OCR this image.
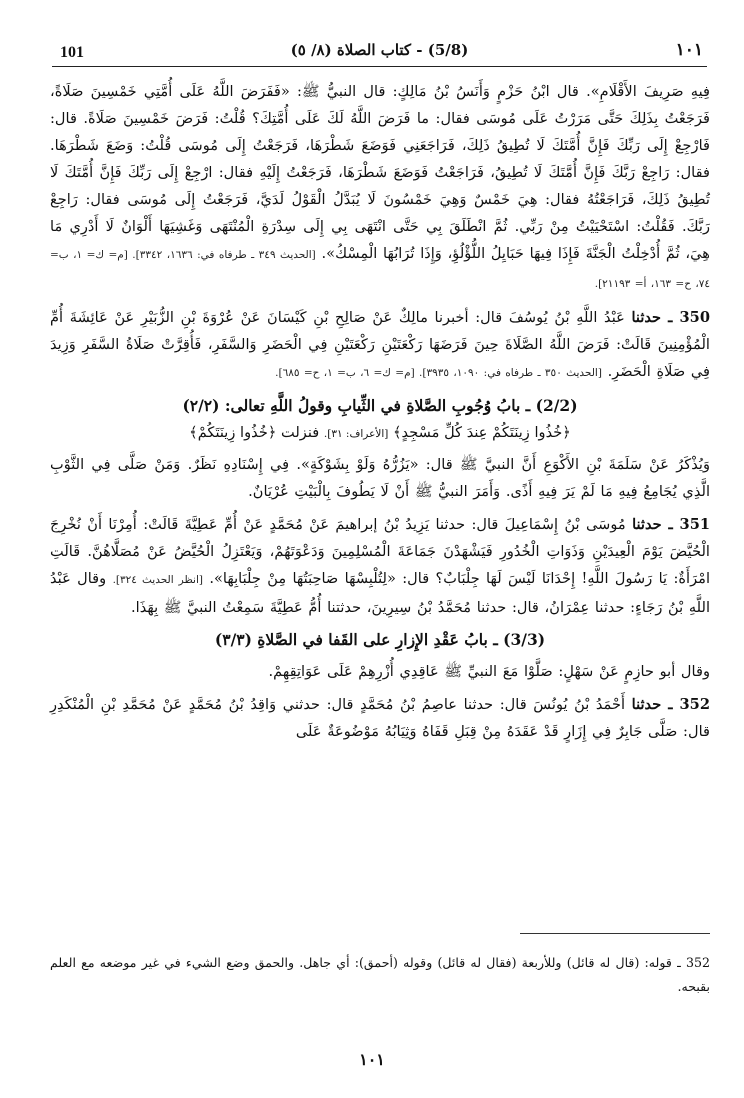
101	(5/8) - كتاب الصلاة (٨/ ٥)	١٠١

فِيهِ صَرِيفَ الأَقْلَامِ». قال ابْنُ حَزْمٍ وَأَنَسُ بْنُ مَالِكٍ: قال النبيُّ ﷺ: «فَفَرَضَ اللَّهُ عَلَى أُمَّتِي خَمْسِينَ صَلَاةً، فَرَجَعْتُ بِذَلِكَ حَتَّى مَرَرْتُ عَلَى مُوسَى فقال: ما فَرَضَ اللَّهُ لَكَ عَلَى أُمَّتِكَ؟ قُلْتُ: فَرَضَ خَمْسِينَ صَلَاةً. قال: فَارْجِعْ إِلَى رَبِّكَ فَإِنَّ أُمَّتَكَ لَا تُطِيقُ ذَلِكَ، فَرَاجَعَنِي فَوَضَعَ شَطْرَهَا، فَرَجَعْتُ إِلَى مُوسَى قُلْتُ: وَضَعَ شَطْرَهَا. فقال: رَاجِعْ رَبَّكَ فَإِنَّ أُمَّتَكَ لَا تُطِيقُ، فَرَاجَعْتُ فَوَضَعَ شَطْرَهَا، فَرَجَعْتُ إِلَيْهِ فقال: ارْجِعْ إِلَى رَبِّكَ فَإِنَّ أُمَّتَكَ لَا تُطِيقُ ذَلِكَ، فَرَاجَعْتُهُ فقال: هِيَ خَمْسٌ وَهِيَ خَمْسُونَ لَا يُبَدَّلُ الْقَوْلُ لَدَيَّ، فَرَجَعْتُ إِلَى مُوسَى فقال: رَاجِعْ رَبَّكَ. فَقُلْتُ: اسْتَحْيَيْتُ مِنْ رَبِّي. ثُمَّ انْطَلَقَ بِي حَتَّى انْتَهَى بِي إِلَى سِدْرَةِ الْمُنْتَهَى وَغَشِيَهَا أَلْوَانٌ لَا أَدْرِي مَا هِيَ، ثُمَّ أُدْخِلْتُ الْجَنَّةَ فَإِذَا فِيهَا حَبَايِلُ اللُّؤْلُؤِ، وَإِذَا تُرَابُهَا الْمِسْكُ». [الحديث ٣٤٩ ـ طرفاه في: ١٦٣٦، ٣٣٤٢]. [م= ك= ١، ب= ٧٤، ح= ١٦٣، أ= ٢١١٩٣].

350 ـ حدثنا عَبْدُ اللَّهِ بْنُ يُوسُفَ قال: أخبرنا مالِكٌ عَنْ صَالِحِ بْنِ كَيْسَانَ عَنْ عُرْوَةَ بْنِ الزُّبَيْرِ عَنْ عَائِشَةَ أُمِّ الْمُؤْمِنِينَ قَالَتْ: فَرَضَ اللَّهُ الصَّلَاةَ حِينَ فَرَضَهَا رَكْعَتَيْنِ رَكْعَتَيْنِ فِي الْحَضَرِ وَالسَّفَرِ، فَأُقِرَّتْ صَلَاةُ السَّفَرِ وَزِيدَ فِي صَلَاةِ الْحَضَرِ. [الحديث ٣٥٠ ـ طرفاه في: ١٠٩٠، ٣٩٣٥]. [م= ك= ٦، ب= ١، ح= ٦٨٥].

(2/2) ـ بابُ وُجُوبِ الصَّلاةِ في الثِّيابِ وقولُ اللَّهِ تعالى: (٢/٢)

﴿خُذُوا زِينَتَكُمْ عِندَ كُلِّ مَسْجِدٍ﴾ [الأعراف: ٣١]. فنزلت ﴿خُذُوا زِينَتَكُمْ﴾

وَيُذْكَرُ عَنْ سَلَمَةَ بْنِ الأَكْوَعِ أَنَّ النبيَّ ﷺ قال: «يَزُرُّهُ وَلَوْ بِشَوْكَةٍ». فِي إِسْنَادِهِ نَظَرٌ. وَمَنْ صَلَّى فِي الثَّوْبِ الَّذِي يُجَامِعُ فِيهِ مَا لَمْ يَرَ فِيهِ أَذًى. وَأَمَرَ النبيُّ ﷺ أَنْ لَا يَطُوفَ بِالْبَيْتِ عُرْيَانٌ.

351 ـ حدثنا مُوسَى بْنُ إِسْمَاعِيلَ قال: حدثنا يَزِيدُ بْنُ إبراهيمَ عَنْ مُحَمَّدٍ عَنْ أُمِّ عَطِيَّةَ قَالَتْ: أُمِرْنَا أَنْ نُخْرِجَ الْحُيَّضَ يَوْمَ الْعِيدَيْنِ وَذَوَاتِ الْخُدُورِ فَيَشْهَدْنَ جَمَاعَةَ الْمُسْلِمِينَ وَدَعْوَتَهُمْ، وَيَعْتَزِلُ الْحُيَّضُ عَنْ مُصَلَّاهُنَّ. قَالَتِ امْرَأَةٌ: يَا رَسُولَ اللَّهِ! إِحْدَانَا لَيْسَ لَهَا جِلْبَابٌ؟ قال: «لِتُلْبِسْهَا صَاحِبَتُهَا مِنْ جِلْبَابِهَا». [انظر الحديث ٣٢٤]. وقال عَبْدُ اللَّهِ بْنُ رَجَاءٍ: حدثنا عِمْرَانُ، قال: حدثنا مُحَمَّدُ بْنُ سِيرِينَ، حدثتنا أُمُّ عَطِيَّةَ سَمِعْتُ النبيَّ ﷺ بِهَذَا.

(3/3) ـ بابُ عَقْدِ الإِزارِ على القَفا في الصَّلاةِ (٣/٣)

وقال أبو حازِمٍ عَنْ سَهْلٍ: صَلَّوْا مَعَ النبيِّ ﷺ عَاقِدِي أُزْرِهِمْ عَلَى عَوَاتِقِهِمْ.

352 ـ حدثنا أَحْمَدُ بْنُ يُونُسَ قال: حدثنا عاصِمُ بْنُ مُحَمَّدٍ قال: حدثني وَاقِدُ بْنُ مُحَمَّدٍ عَنْ مُحَمَّدِ بْنِ الْمُنْكَدِرِ قال: صَلَّى جَابِرٌ فِي إِزَارٍ قَدْ عَقَدَهُ مِنْ قِبَلِ قَفَاهُ وَثِيَابُهُ مَوْضُوعَةٌ عَلَى

352 ـ قوله: (قال له قائل) وللأربعة (فقال له قائل) وقوله (أحمق): أي جاهل. والحمق وضع الشيء في غير موضعه مع العلم بقبحه.

١٠١
